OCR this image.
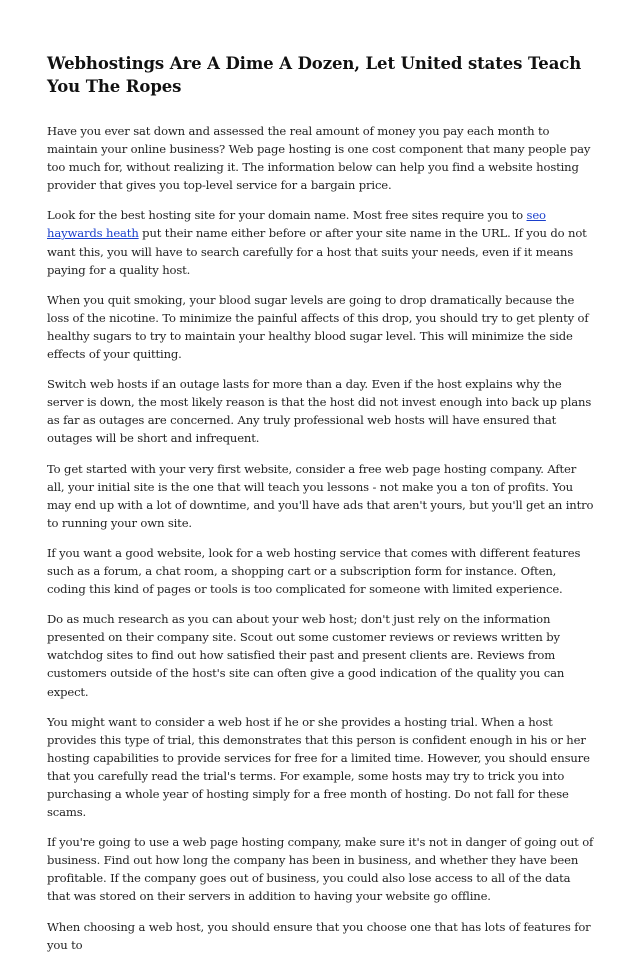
Webhostings Are A Dime A Dozen, Let United states Teach You The Ropes

Have you ever sat down and assessed the real amount of money you pay each month to maintain your online business? Web page hosting is one cost component that many people pay too much for, without realizing it. The information below can help you find a website hosting provider that gives you top-level service for a bargain price.

Look for the best hosting site for your domain name. Most free sites require you to seo haywards heath put their name either before or after your site name in the URL. If you do not want this, you will have to search carefully for a host that suits your needs, even if it means paying for a quality host.

When you quit smoking, your blood sugar levels are going to drop dramatically because the loss of the nicotine. To minimize the painful affects of this drop, you should try to get plenty of healthy sugars to try to maintain your healthy blood sugar level. This will minimize the side effects of your quitting.

Switch web hosts if an outage lasts for more than a day. Even if the host explains why the server is down, the most likely reason is that the host did not invest enough into back up plans as far as outages are concerned. Any truly professional web hosts will have ensured that outages will be short and infrequent.

To get started with your very first website, consider a free web page hosting company. After all, your initial site is the one that will teach you lessons - not make you a ton of profits. You may end up with a lot of downtime, and you'll have ads that aren't yours, but you'll get an intro to running your own site.

If you want a good website, look for a web hosting service that comes with different features such as a forum, a chat room, a shopping cart or a subscription form for instance. Often, coding this kind of pages or tools is too complicated for someone with limited experience.

Do as much research as you can about your web host; don't just rely on the information presented on their company site. Scout out some customer reviews or reviews written by watchdog sites to find out how satisfied their past and present clients are. Reviews from customers outside of the host's site can often give a good indication of the quality you can expect.

You might want to consider a web host if he or she provides a hosting trial. When a host provides this type of trial, this demonstrates that this person is confident enough in his or her hosting capabilities to provide services for free for a limited time. However, you should ensure that you carefully read the trial's terms. For example, some hosts may try to trick you into purchasing a whole year of hosting simply for a free month of hosting. Do not fall for these scams.

If you're going to use a web page hosting company, make sure it's not in danger of going out of business. Find out how long the company has been in business, and whether they have been profitable. If the company goes out of business, you could also lose access to all of the data that was stored on their servers in addition to having your website go offline.

When choosing a web host, you should ensure that you choose one that has lots of features for you to
